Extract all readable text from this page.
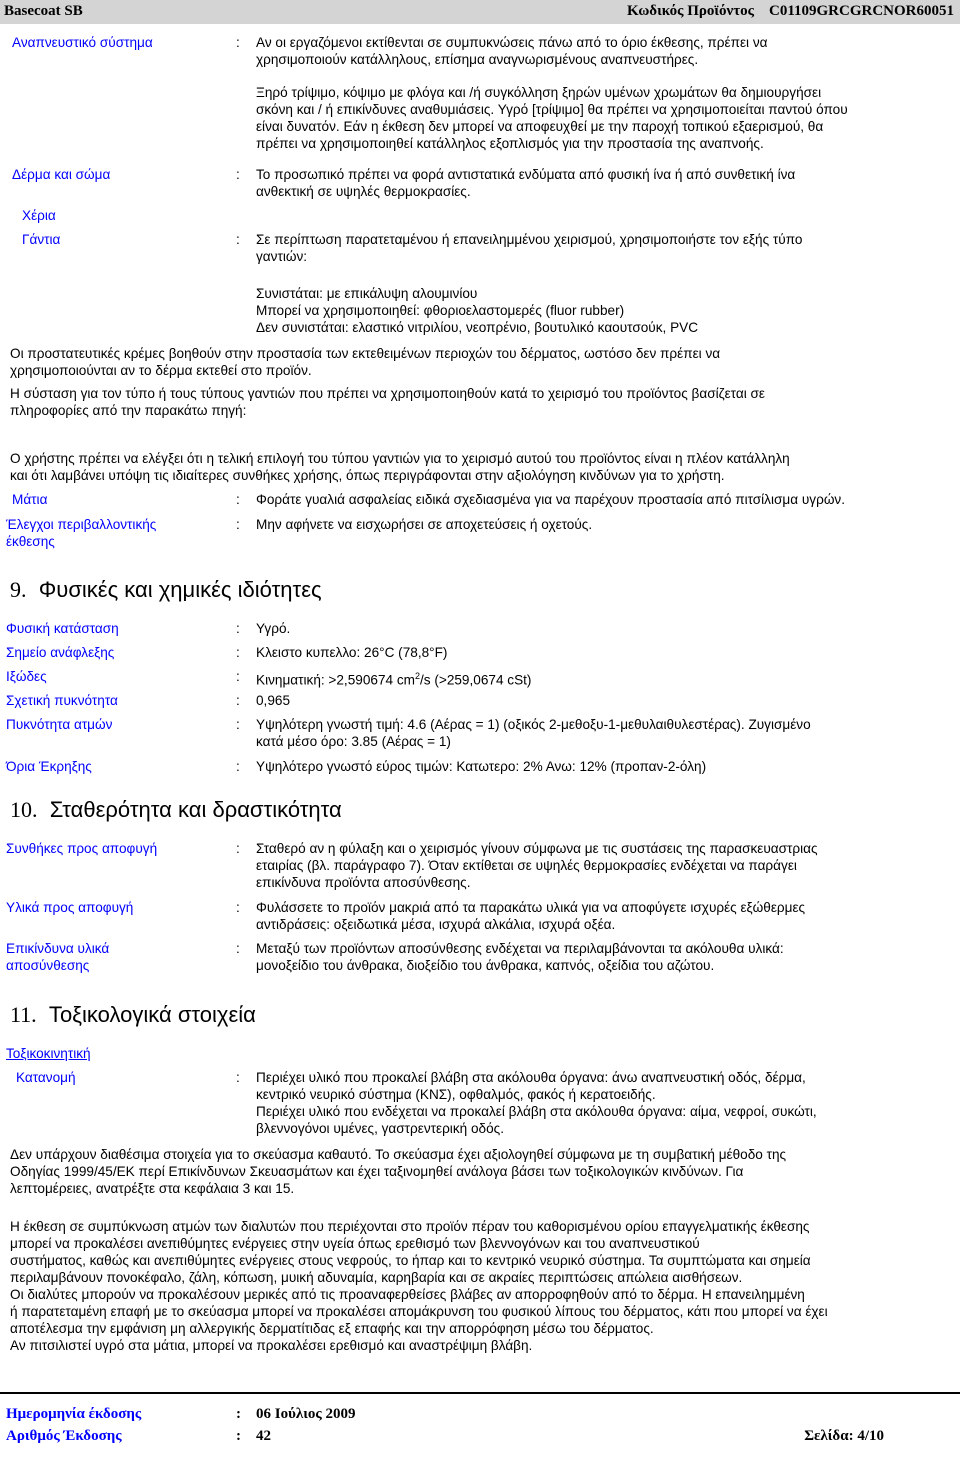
Basecoat SB	Κωδικός Προϊόντος C01109GRCGRCNOR60051
Αναπνευστικό σύστημα	: Αν οι εργαζόμενοι εκτίθενται σε συμπυκνώσεις πάνω από το όριο έκθεσης, πρέπει να
χρησιμοποιούν κατάλληλους, επίσημα αναγνωρισμένους αναπνευστήρες.
Ξηρό τρίψιμο, κόψιμο με φλόγα και /ή συγκόλληση ξηρών υμένων χρωμάτων θα δημιουργήσει
σκόνη και / ή επικίνδυνες αναθυμιάσεις. Υγρό [τρίψιμο] θα πρέπει να χρησιμοποιείται παντού όπου
είναι δυνατόν. Εάν η έκθεση δεν μπορεί να αποφευχθεί με την παροχή τοπικού εξαερισμού, θα
πρέπει να χρησιμοποιηθεί κατάλληλος εξοπλισμός για την προστασία της αναπνοής.
Δέρμα και σώμα	: Το προσωπικό πρέπει να φορά αντιστατικά ενδύματα από φυσική ίνα ή από συνθετική ίνα
ανθεκτική σε υψηλές θερμοκρασίες.
Χέρια
Γάντια	: Σε περίπτωση παρατεταμένου ή επανειλημμένου χειρισμού, χρησιμοποιήστε τον εξής τύπο
γαντιών:
Συνιστάται: με επικάλυψη αλουμινίου
Μπορεί να χρησιμοποιηθεί: φθοριοελαστομερές (fluor rubber)
Δεν συνιστάται: ελαστικό νιτριλίου, νεοπρένιο, βουτυλικό καουτσούκ, PVC
Οι προστατευτικές κρέμες βοηθούν στην προστασία των εκτεθειμένων περιοχών του δέρματος, ωστόσο δεν πρέπει να
χρησιμοποιούνται αν το δέρμα εκτεθεί στο προϊόν.
Η σύσταση για τον τύπο ή τους τύπους γαντιών που πρέπει να χρησιμοποιηθούν κατά το χειρισμό του προϊόντος βασίζεται σε
πληροφορίες από την παρακάτω πηγή:
Ο χρήστης πρέπει να ελέγξει ότι η τελική επιλογή του τύπου γαντιών για το χειρισμό αυτού του προϊόντος είναι η πλέον κατάλληλη
και ότι λαμβάνει υπόψη τις ιδιαίτερες συνθήκες χρήσης, όπως περιγράφονται στην αξιολόγηση κινδύνων για το χρήστη.
Μάτια	: Φοράτε γυαλιά ασφαλείας ειδικά σχεδιασμένα για να παρέχουν προστασία από πιτσίλισμα υγρών.
Έλεγχοι περιβαλλοντικής
έκθεσης
: Μην αφήνετε να εισχωρήσει σε αποχετεύσεις ή οχετούς.
9. Φυσικές και χημικές ιδιότητες
Φυσική κατάσταση	: Υγρό.
Σημείο ανάφλεξης	: Κλειστο κυπελλο: 26°C (78,8°F)
Ιξώδες	: Κινηματική: >2,590674 $cm^2/s$ (>259,0674 cSt)
Σχετική πυκνότητα	: 0,965
Πυκνότητα ατμών	: Υψηλότερη γνωστή τιμή: 4.6 (Αέρας = 1) (οξικός 2-μεθοξυ-1-μεθυλαιθυλεστέρας). Ζυγισμένο
κατά μέσο όρο: 3.85 (Αέρας = 1)
Όρια Έκρηξης	: Υψηλότερο γνωστό εύρος τιμών: Κατωτερο: 2% Ανω: 12% (προπαν-2-όλη)
10. Σταθερότητα και δραστικότητα
Συνθήκες προς αποφυγή	: Σταθερό αν η φύλαξη και ο χειρισμός γίνουν σύμφωνα με τις συστάσεις της παρασκευαστριας
εταιρίας (βλ. παράγραφο 7). Όταν εκτίθεται σε υψηλές θερμοκρασίες ενδέχεται να παράγει
επικίνδυνα προϊόντα αποσύνθεσης.
Υλικά προς αποφυγή	: Φυλάσσετε το προϊόν μακριά από τα παρακάτω υλικά για να αποφύγετε ισχυρές εξώθερμες
αντιδράσεις: οξειδωτικά μέσα, ισχυρά αλκάλια, ισχυρά οξέα.
Επικίνδυνα υλικά
αποσύνθεσης
: Μεταξύ των προϊόντων αποσύνθεσης ενδέχεται να περιλαμβάνονται τα ακόλουθα υλικά:
μονοξείδιο του άνθρακα, διοξείδιο του άνθρακα, καπνός, οξείδια του αζώτου.
11. Τοξικολογικά στοιχεία
Τοξικοκινητική
Κατανομή	: Περιέχει υλικό που προκαλεί βλάβη στα ακόλουθα όργανα: άνω αναπνευστική οδός, δέρμα,
κεντρικό νευρικό σύστημα (ΚΝΣ), οφθαλμός, φακός ή κερατοειδής.
Περιέχει υλικό που ενδέχεται να προκαλεί βλάβη στα ακόλουθα όργανα: αίμα, νεφροί, συκώτι,
βλεννογόνοι υμένες, γαστρεντερική οδός.
Δεν υπάρχουν διαθέσιμα στοιχεία για το σκεύασμα καθαυτό. Το σκεύασμα έχει αξιολογηθεί σύμφωνα με τη συμβατική μέθοδο της
Οδηγίας 1999/45/ΕΚ περί Επικίνδυνων Σκευασμάτων και έχει ταξινομηθεί ανάλογα βάσει των τοξικολογικών κινδύνων. Για
λεπτομέρειες, ανατρέξτε στα κεφάλαια 3 και 15.
Η έκθεση σε συμπύκνωση ατμών των διαλυτών που περιέχονται στο προϊόν πέραν του καθορισμένου ορίου επαγγελματικής έκθεσης
μπορεί να προκαλέσει ανεπιθύμητες ενέργειες στην υγεία όπως ερεθισμό των βλεννογόνων και του αναπνευστικού
συστήματος, καθώς και ανεπιθύμητες ενέργειες στους νεφρούς, το ήπαρ και το κεντρικό νευρικό σύστημα. Τα συμπτώματα και σημεία
περιλαμβάνουν πονοκέφαλο, ζάλη, κόπωση, μυική αδυναμία, καρηβαρία και σε ακραίες περιπτώσεις απώλεια αισθήσεων.
Οι διαλύτες μπορούν να προκαλέσουν μερικές από τις προαναφερθείσες βλάβες αν απορροφηθούν από το δέρμα. Η επανειλημμένη
ή παρατεταμένη επαφή με το σκεύασμα μπορεί να προκαλέσει απομάκρυνση του φυσικού λίπους του δέρματος, κάτι που μπορεί να έχει
αποτέλεσμα την εμφάνιση μη αλλεργικής δερματίτιδας εξ επαφής και την απορρόφηση μέσω του δέρματος.
Αν πιτσιλιστεί υγρό στα μάτια, μπορεί να προκαλέσει ερεθισμό και αναστρέψιμη βλάβη.
Ημερομηνία έκδοσης	: 06 Ιούλιος 2009
Αριθμός Έκδοσης	: 42	Σελίδα: 4/10
